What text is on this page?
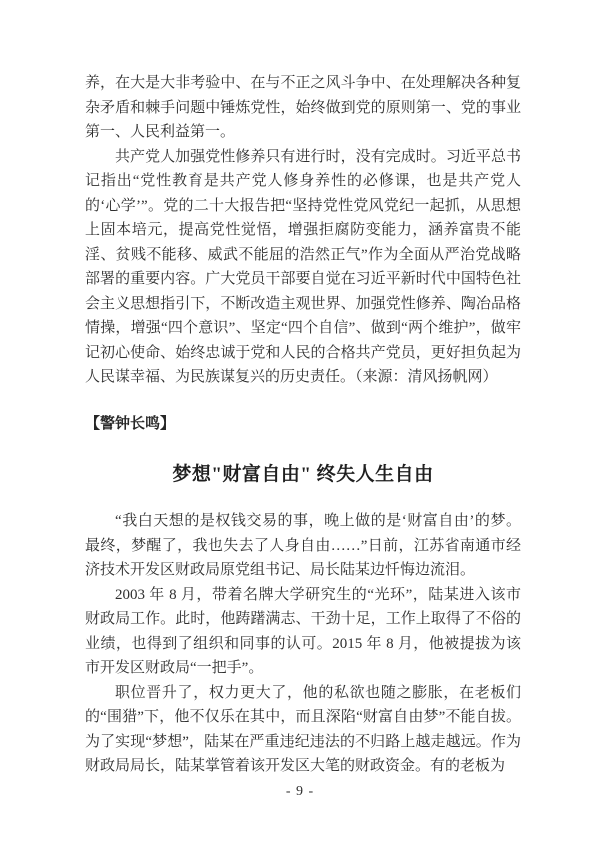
养，在大是大非考验中、在与不正之风斗争中、在处理解决各种复杂矛盾和棘手问题中锤炼党性，始终做到党的原则第一、党的事业第一、人民利益第一。

共产党人加强党性修养只有进行时，没有完成时。习近平总书记指出“党性教育是共产党人修身养性的必修课，也是共产党人的‘心学’”。党的二十大报告把“坚持党性党风党纪一起抓，从思想上固本培元，提高党性觉悟，增强拒腐防变能力，涵养富贵不能淫、贫贱不能移、威武不能屈的浩然正气”作为全面从严治党战略部署的重要内容。广大党员干部要自觉在习近平新时代中国特色社会主义思想指引下，不断改造主观世界、加强党性修养、陶冶品格情操，增强“四个意识”、坚定“四个自信”、做到“两个维护”，做牢记初心使命、始终忠诚于党和人民的合格共产党员，更好担负起为人民谋幸福、为民族谋复兴的历史责任。（来源：清风扬帆网）

【警钟长鸣】
梦想"财富自由" 终失人生自由

“我白天想的是权钱交易的事，晚上做的是‘财富自由’的梦。最终，梦醒了，我也失去了人身自由……”日前，江苏省南通市经济技术开发区财政局原党组书记、局长陆某边忏悔边流泪。

2003 年 8 月，带着名牌大学研究生的“光环”，陆某进入该市财政局工作。此时，他踌躇满志、干劲十足，工作上取得了不俗的业绩，也得到了组织和同事的认可。2015 年 8 月，他被提拔为该市开发区财政局“一把手”。

职位晋升了，权力更大了，他的私欲也随之膨胀，在老板们的“围猎”下，他不仅乐在其中，而且深陷“财富自由梦”不能自拔。为了实现“梦想”，陆某在严重违纪违法的不归路上越走越远。作为财政局局长，陆某掌管着该开发区大笔的财政资金。有的老板为

- 9 -
